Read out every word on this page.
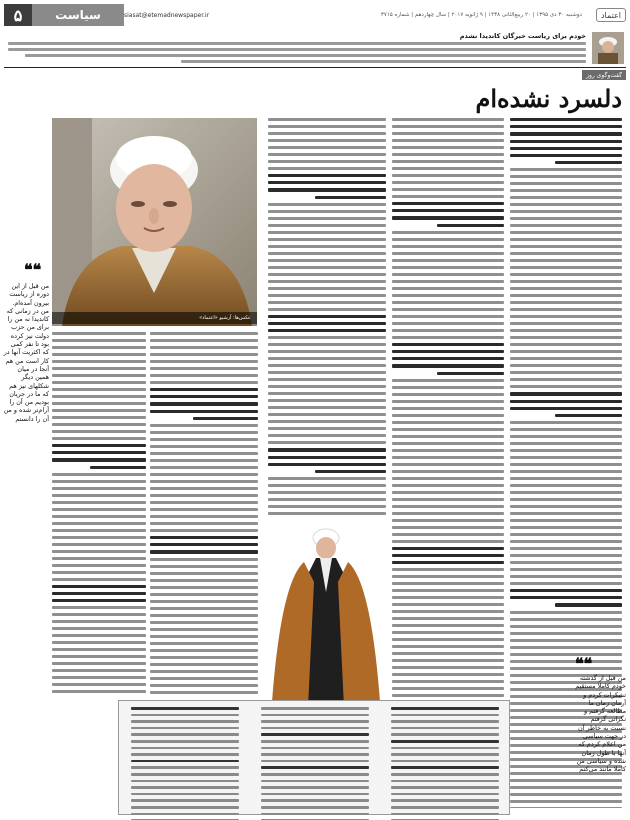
اعتماد
دوشنبه ۳۰ دی ۱۳۹۵ | ۲۰ ربیع‌الثانی ۱۴۳۸ | ۹ ژانویه ۲۰۱۷ | سال چهاردهم | شماره ۳۷۱۵
siasat@etemadnewspaper.ir
سیاست
۵
خودم برای ریاست خبرگان کاندیدا نشدم
گفت‌وگوی روز
دلسرد نشده‌ام
عکس‌ها: آرشیو «اعتماد»
❝❝
من قبل از این دوره از ریاست بیرون آمده‌ام. من در زمانی که کاندیدا نه من را برای من حزب دولت نیز کرده بود تا نفر کمی که اکثریت آنها در کار است من هم آنجا در میان همین دیگر شکلهای نیز هم که ما در جریان بودیم من آن را آرام‌تر شده و من آن را دانستم
❝❝
من قبل از گذشته خودم کاملا مستقیم تشکرات کردم و آرمان زمان ما مطالعه گرفتم و نگرانی گرفتم نسبت به خاطر آن در جهت سیاسی من اعلام کردم که آنها با طول زمان شده و سیاسی من کاملا مانند می‌کنم
